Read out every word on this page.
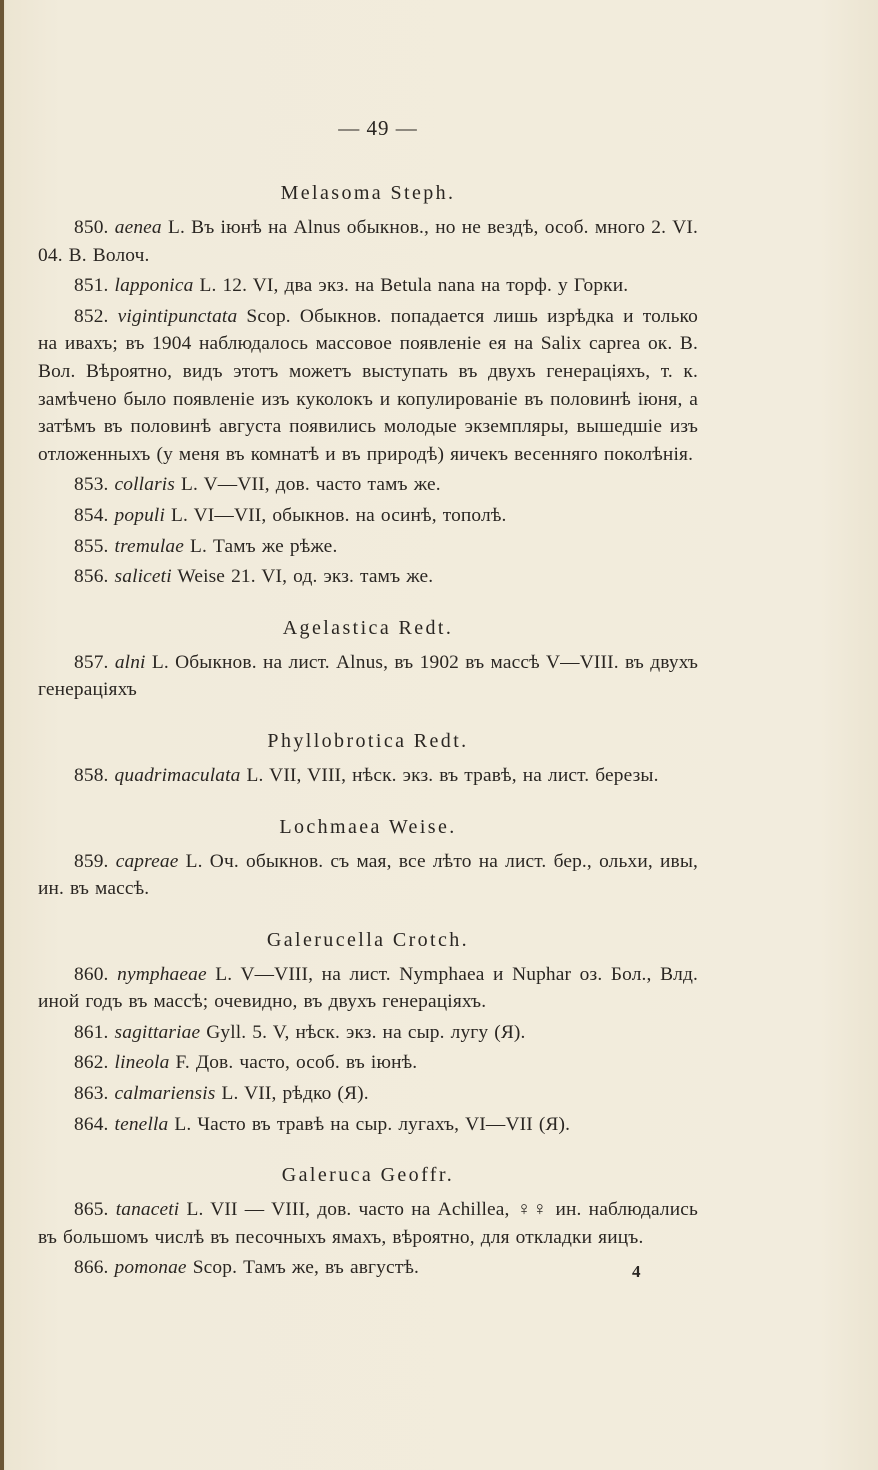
— 49 —
Melasoma Steph.
850. aenea L. Въ іюнѣ на Alnus обыкнов., но не вездѣ, особ. много 2. VI. 04. В. Волоч.
851. lapponica L. 12. VI, два экз. на Betula nana на торф. у Горки.
852. vigintipunctata Scop. Обыкнов. попадается лишь изрѣдка и только на ивахъ; въ 1904 наблюдалось массовое появленіе ея на Salix caprea ок. В. Вол. Вѣроятно, видъ этотъ можетъ выступать въ двухъ генераціяхъ, т. к. замѣчено было появленіе изъ куколокъ и копулированіе въ половинѣ іюня, а затѣмъ въ половинѣ августа появились молодые экземпляры, вышедшіе изъ отложенныхъ (у меня въ комнатѣ и въ природѣ) яичекъ весенняго поколѣнія.
853. collaris L. V—VII, дов. часто тамъ же.
854. populi L. VI—VII, обыкнов. на осинѣ, тополѣ.
855. tremulae L. Тамъ же рѣже.
856. saliceti Weise 21. VI, од. экз. тамъ же.
Agelastica Redt.
857. alni L. Обыкнов. на лист. Alnus, въ 1902 въ массѣ V—VIII. въ двухъ генераціяхъ
Phyllobrotica Redt.
858. quadrimaculata L. VII, VIII, нѣск. экз. въ травѣ, на лист. березы.
Lochmaea Weise.
859. capreae L. Оч. обыкнов. съ мая, все лѣто на лист. бер., ольхи, ивы, ин. въ массѣ.
Galerucella Crotch.
860. nymphaeae L. V—VIII, на лист. Nymphaea и Nuphar оз. Бол., Влд. иной годъ въ массѣ; очевидно, въ двухъ генераціяхъ.
861. sagittariae Gyll. 5. V, нѣск. экз. на сыр. лугу (Я).
862. lineola F. Дов. часто, особ. въ іюнѣ.
863. calmariensis L. VII, рѣдко (Я).
864. tenella L. Часто въ травѣ на сыр. лугахъ, VI—VII (Я).
Galeruca Geoffr.
865. tanaceti L. VII — VIII, дов. часто на Achillea, ♀♀ ин. наблюдались въ большомъ числѣ въ песочныхъ ямахъ, вѣроятно, для откладки яицъ.
866. pomonae Scop. Тамъ же, въ августѣ.	4
